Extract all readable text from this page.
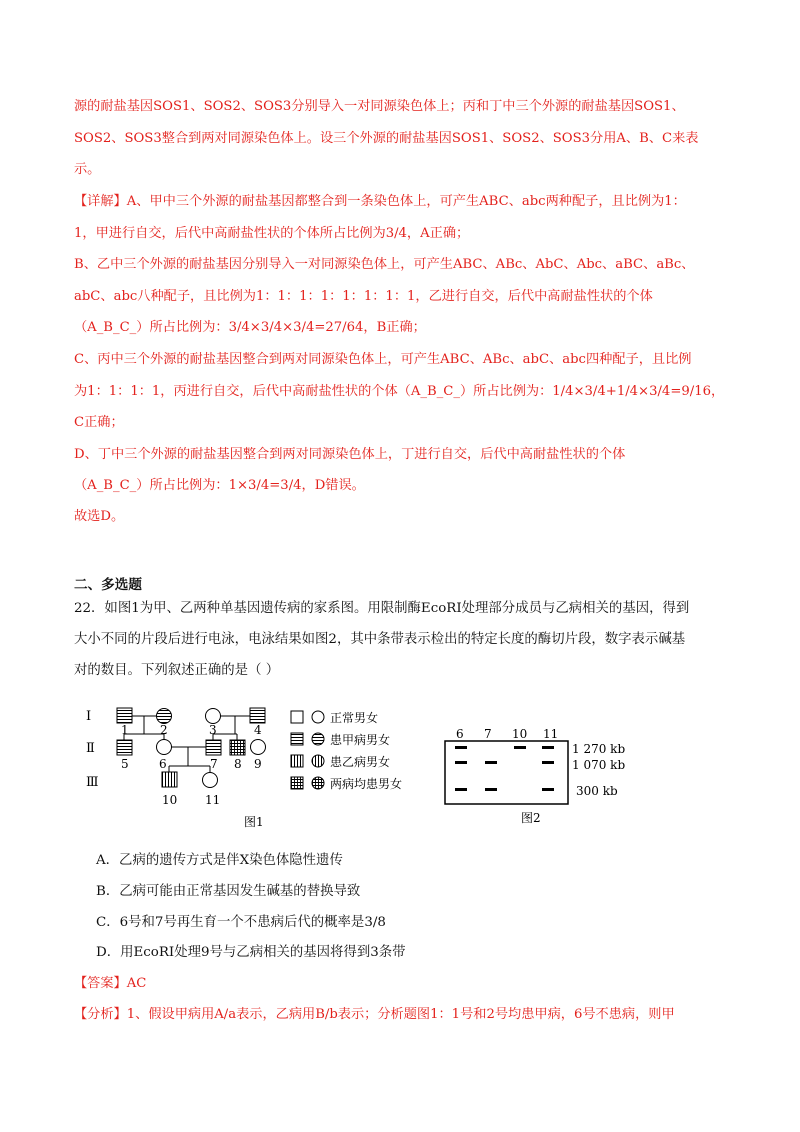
源的耐盐基因SOS1、SOS2、SOS3分别导入一对同源染色体上；丙和丁中三个外源的耐盐基因SOS1、
SOS2、SOS3整合到两对同源染色体上。设三个外源的耐盐基因SOS1、SOS2、SOS3分用A、B、C来表
示。
【详解】A、甲中三个外源的耐盐基因都整合到一条染色体上，可产生ABC、abc两种配子，且比例为1：
1，甲进行自交，后代中高耐盐性状的个体所占比例为3/4，A正确；
B、乙中三个外源的耐盐基因分别导入一对同源染色体上，可产生ABC、ABc、AbC、Abc、aBC、aBc、
abC、abc八种配子，且比例为1：1：1：1：1：1：1：1，乙进行自交，后代中高耐盐性状的个体
（A_B_C_）所占比例为：3/4×3/4×3/4=27/64，B正确；
C、丙中三个外源的耐盐基因整合到两对同源染色体上，可产生ABC、ABc、abC、abc四种配子，且比例
为1：1：1：1，丙进行自交，后代中高耐盐性状的个体（A_B_C_）所占比例为：1/4×3/4+1/4×3/4=9/16，
C正确；
D、丁中三个外源的耐盐基因整合到两对同源染色体上，丁进行自交，后代中高耐盐性状的个体
（A_B_C_）所占比例为：1×3/4=3/4，D错误。
故选D。
二、多选题
22．如图1为甲、乙两种单基因遗传病的家系图。用限制酶EcoRⅠ处理部分成员与乙病相关的基因，得到
大小不同的片段后进行电泳，电泳结果如图2，其中条带表示检出的特定长度的酶切片段，数字表示碱基
对的数目。下列叙述正确的是（ ）
Ⅰ
Ⅱ
Ⅲ
1	2	3	4
5	6	7 8 9
10 11
正常男女
患甲病男女
患乙病男女
两病均患男女
图1
6 7 10 11
1 270 kb
1 070 kb
300 kb
图2
A．乙病的遗传方式是伴X染色体隐性遗传
B．乙病可能由正常基因发生碱基的替换导致
C．6号和7号再生育一个不患病后代的概率是3/8
D．用EcoRⅠ处理9号与乙病相关的基因将得到3条带
【答案】AC
【分析】1、假设甲病用A/a表示，乙病用B/b表示；分析题图1：1号和2号均患甲病，6号不患病，则甲
